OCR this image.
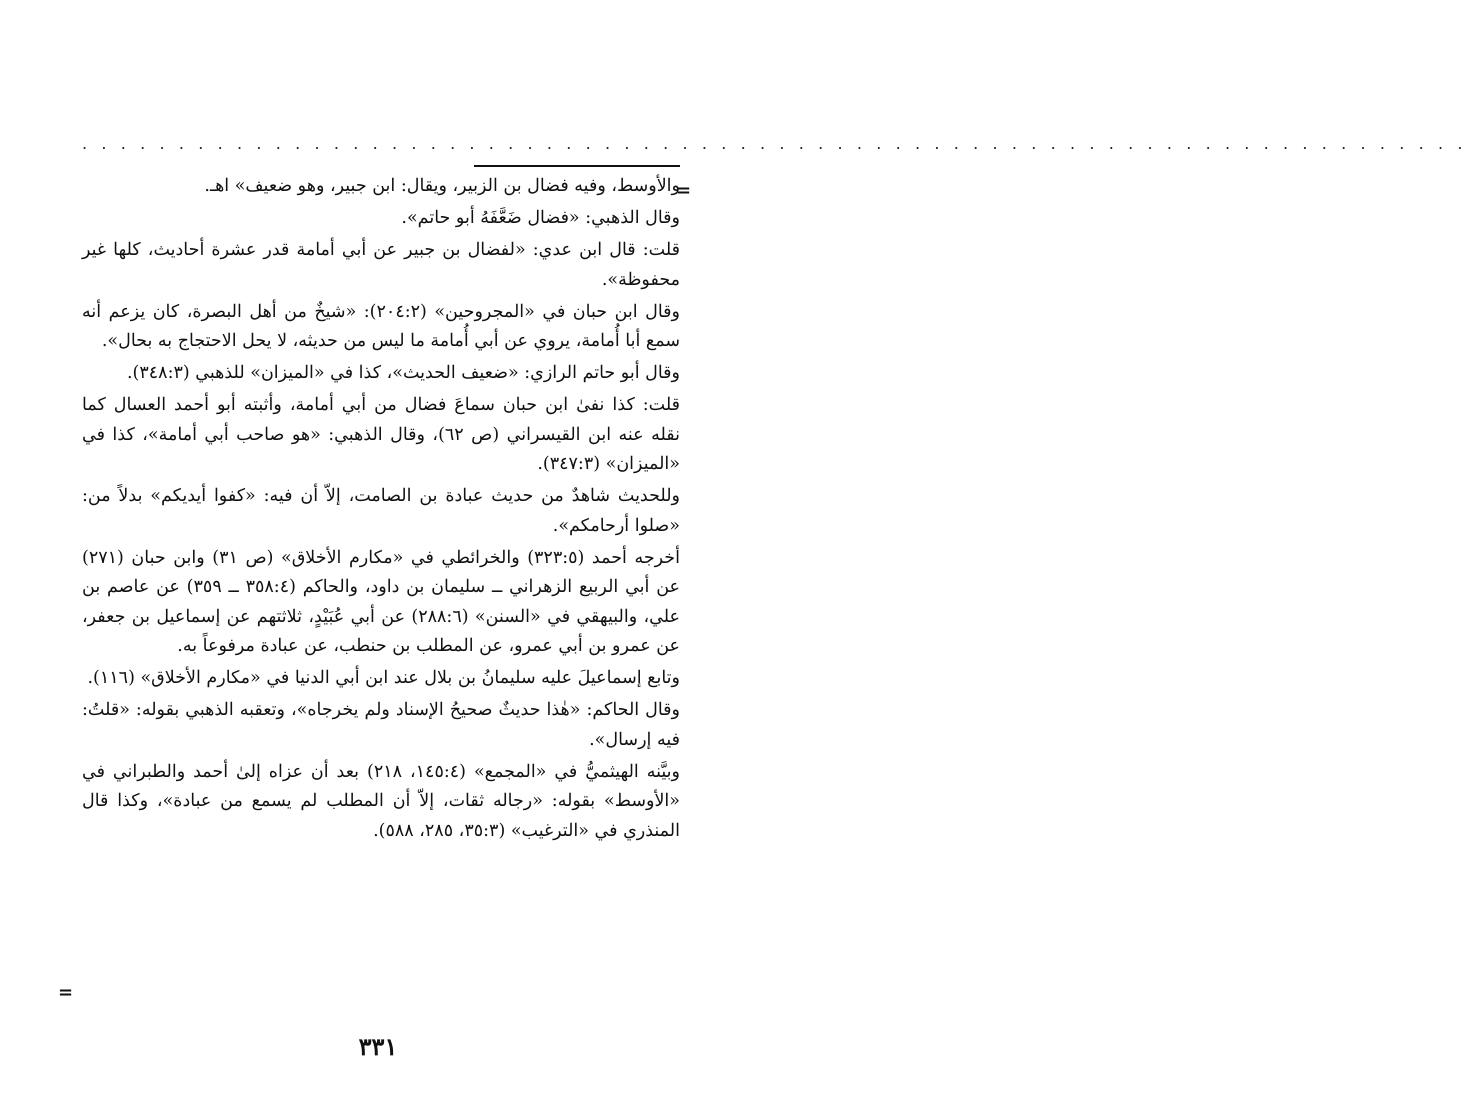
. . . . . . . . . . . . . . . . . . . . . . . . . . . . . . . . . . . . . . . . . . . . . . . . . . . . . . . . . . . . . . . . . . . . . . . .
=

والأوسط، وفيه فضال بن الزبير، ويقال: ابن جبير، وهو ضعيف» اهـ.

وقال الذهبي: «فضال ضَعَّفَهُ أبو حاتم».

قلت: قال ابن عدي: «لفضال بن جبير عن أبي أمامة قدر عشرة أحاديث، كلها غير محفوظة».

وقال ابن حبان في «المجروحين» (٢٠٤:٢): «شيخٌ من أهل البصرة، كان يزعم أنه سمع أبا أُمامة، يروي عن أبي أُمامة ما ليس من حديثه، لا يحل الاحتجاج به بحال».

وقال أبو حاتم الرازي: «ضعيف الحديث»، كذا في «الميزان» للذهبي (٣٤٨:٣).

قلت: كذا نفىٰ ابن حبان سماعَ فضال من أبي أمامة، وأثبته أبو أحمد العسال كما نقله عنه ابن القيسراني (ص ٦٢)، وقال الذهبي: «هو صاحب أبي أمامة»، كذا في «الميزان» (٣٤٧:٣).

وللحديث شاهدٌ من حديث عبادة بن الصامت، إلاّ أن فيه: «كفوا أيديكم» بدلاً من: «صلوا أرحامكم».

أخرجه أحمد (٣٢٣:٥) والخرائطي في «مكارم الأخلاق» (ص ٣١) وابن حبان (٢٧١) عن أبي الربيع الزهراني ــ سليمان بن داود، والحاكم (٣٥٨:٤ ــ ٣٥٩) عن عاصم بن علي، والبيهقي في «السنن» (٢٨٨:٦) عن أبي عُبَيْدٍ، ثلاثتهم عن إسماعيل بن جعفر، عن عمرو بن أبي عمرو، عن المطلب بن حنطب، عن عبادة مرفوعاً به.

وتابع إسماعيلَ عليه سليمانُ بن بلال عند ابن أبي الدنيا في «مكارم الأخلاق» (١١٦).

وقال الحاكم: «هٰذا حديثٌ صحيحُ الإسناد ولم يخرجاه»، وتعقبه الذهبي بقوله: «قلتُ: فيه إرسال».

وبيَّنه الهيثميُّ في «المجمع» (١٤٥:٤، ٢١٨) بعد أن عزاه إلىٰ أحمد والطبراني في «الأوسط» بقوله: «رجاله ثقات، إلاّ أن المطلب لم يسمع من عبادة»، وكذا قال المنذري في «الترغيب» (٣٥:٣، ٢٨٥، ٥٨٨).

=
٣٣١
